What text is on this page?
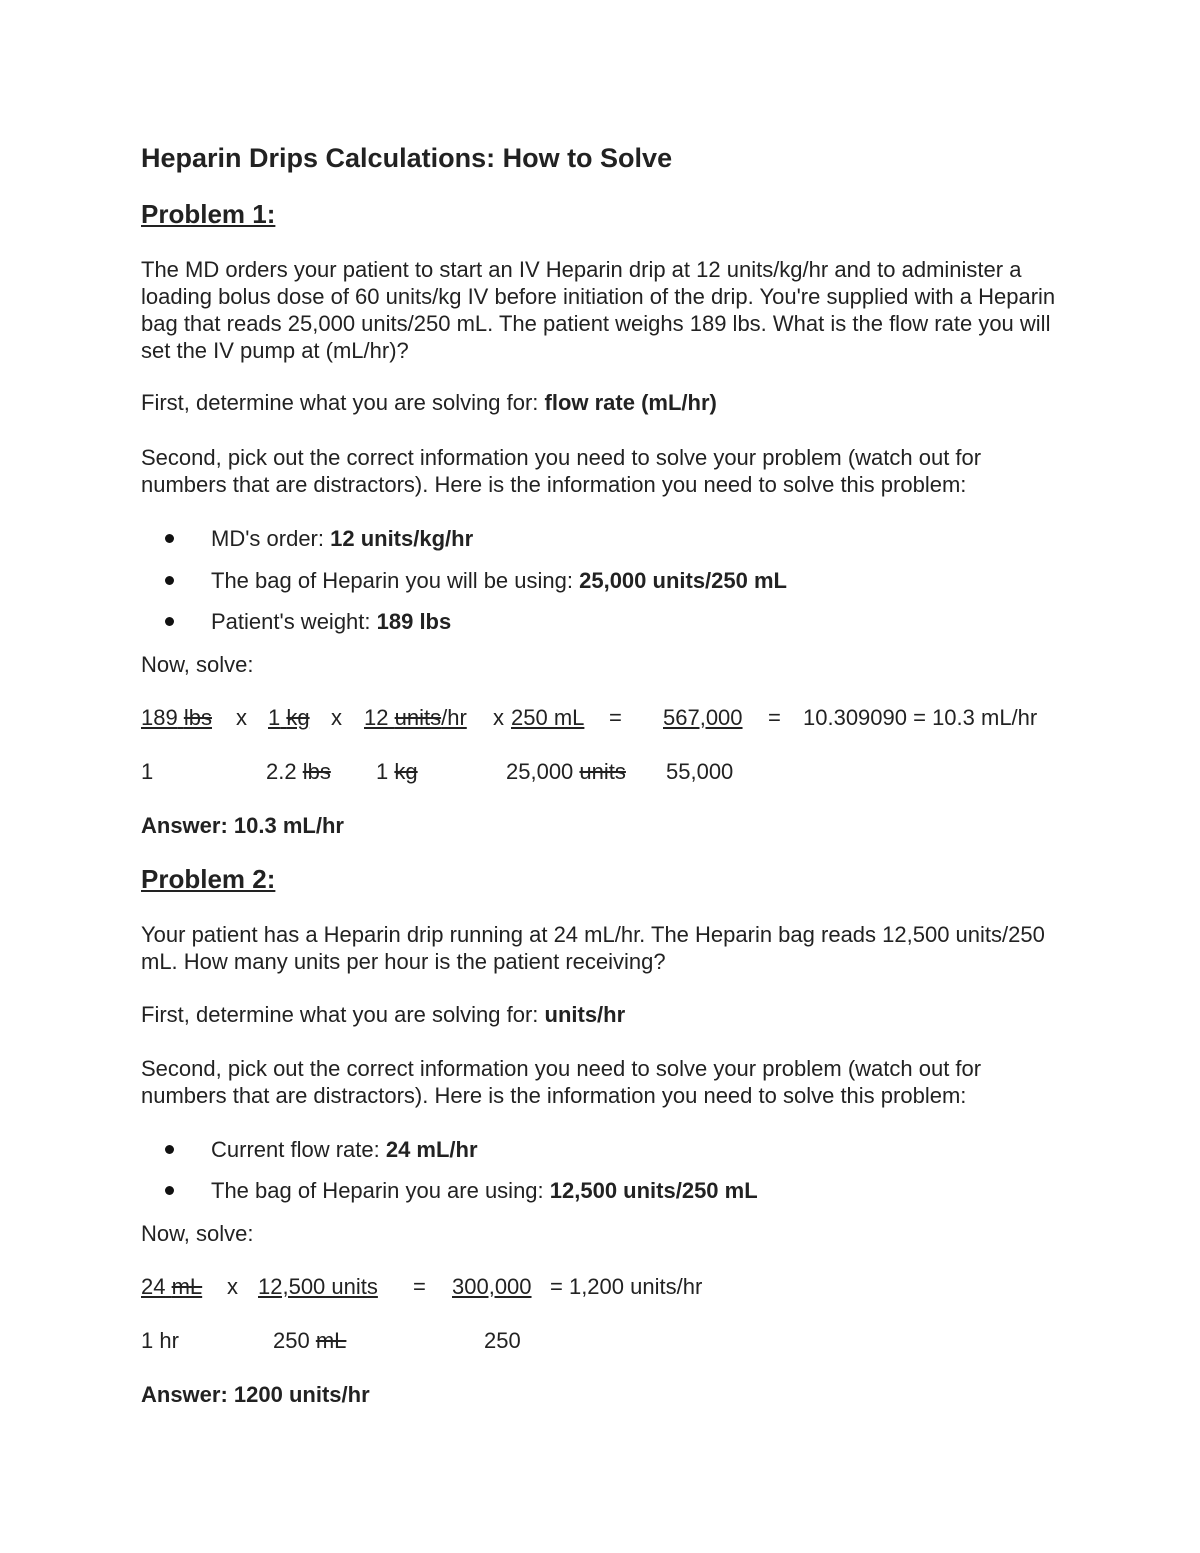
Heparin Drips Calculations: How to Solve
Problem 1:
The MD orders your patient to start an IV Heparin drip at 12 units/kg/hr and to administer a loading bolus dose of 60 units/kg IV before initiation of the drip. You're supplied with a Heparin bag that reads 25,000 units/250 mL. The patient weighs 189 lbs. What is the flow rate you will set the IV pump at (mL/hr)?
First, determine what you are solving for: flow rate (mL/hr)
Second, pick out the correct information you need to solve your problem (watch out for numbers that are distractors). Here is the information you need to solve this problem:
MD's order: 12 units/kg/hr
The bag of Heparin you will be using: 25,000 units/250 mL
Patient's weight: 189 lbs
Now, solve:
189 lbs x 1 kg x 12 units/hr x 250 mL = 567,000 = 10.309090 = 10.3 mL/hr
1	2.2 lbs 1 kg	25,000 units 55,000
Answer: 10.3 mL/hr
Problem 2:
Your patient has a Heparin drip running at 24 mL/hr. The Heparin bag reads 12,500 units/250 mL. How many units per hour is the patient receiving?
First, determine what you are solving for: units/hr
Second, pick out the correct information you need to solve your problem (watch out for numbers that are distractors). Here is the information you need to solve this problem:
Current flow rate: 24 mL/hr
The bag of Heparin you are using: 12,500 units/250 mL
Now, solve:
24 mL x 12,500 units = 300,000 = 1,200 units/hr
1 hr	250 mL	250
Answer: 1200 units/hr
